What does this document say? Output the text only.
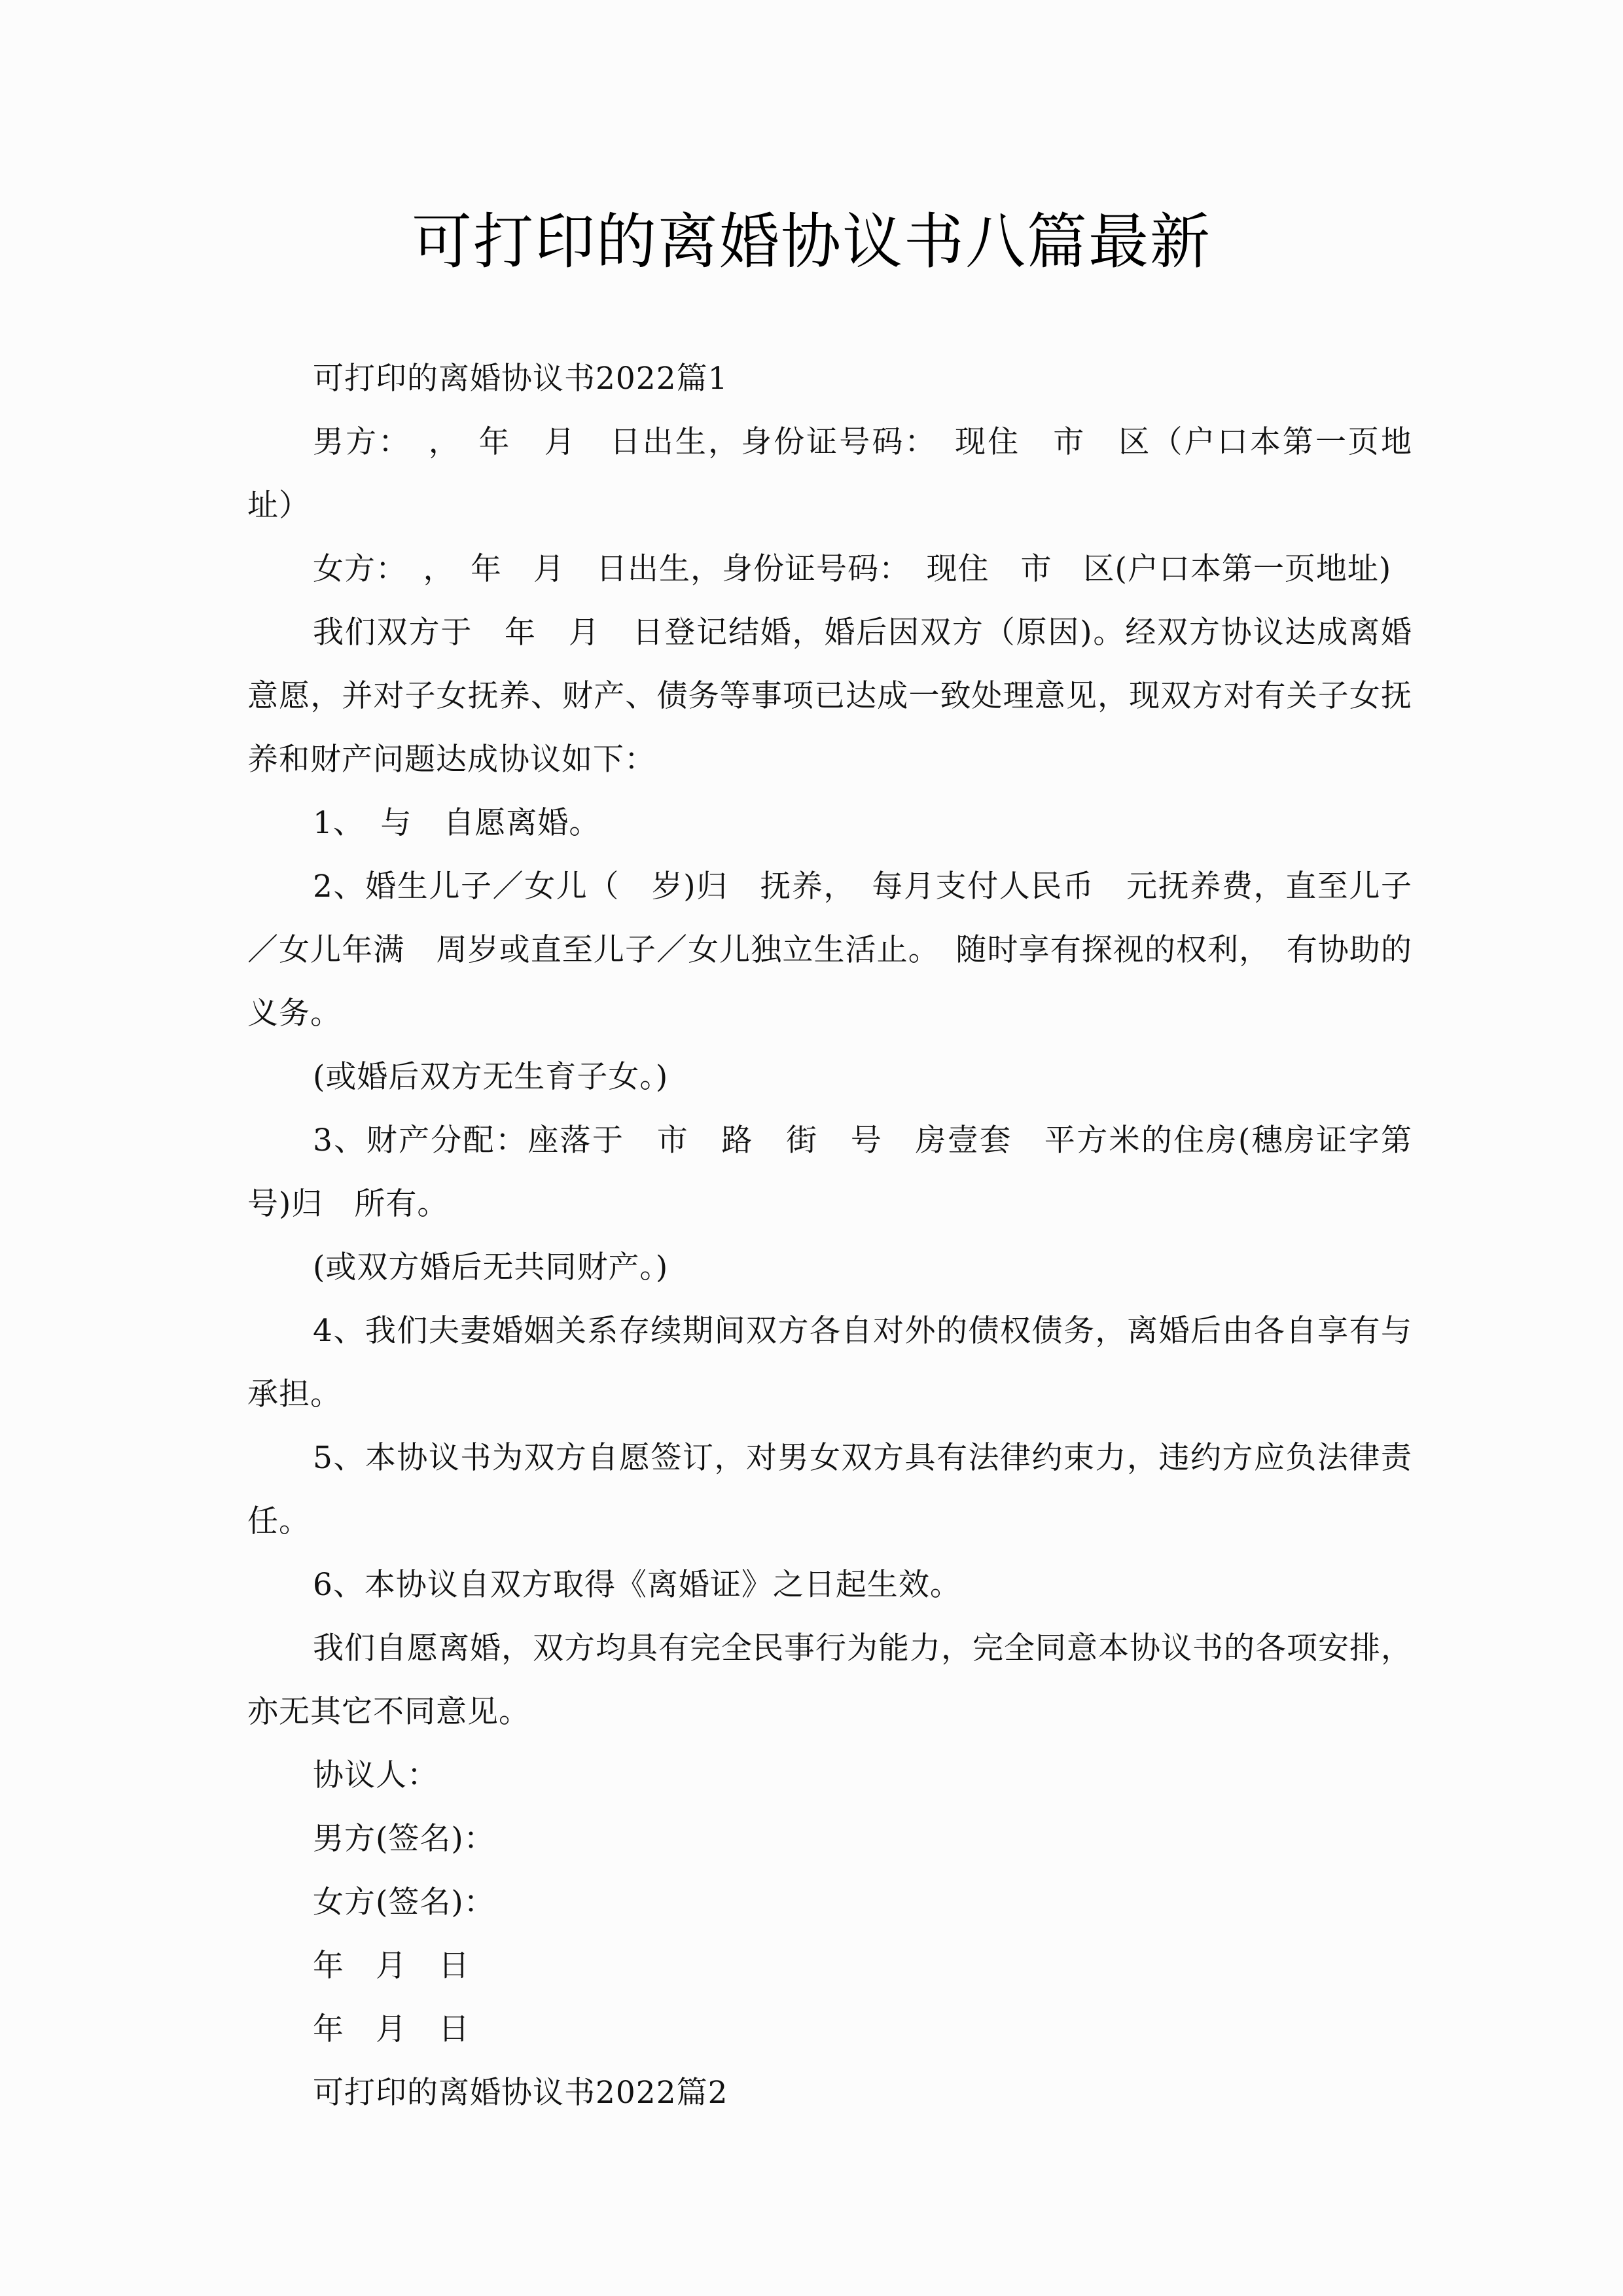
可打印的离婚协议书八篇最新

可打印的离婚协议书2022篇1

男方：　，　年　月　日出生，身份证号码：　现住　市　区（户口本第一页地址）

女方：　，　年　月　日出生，身份证号码：　现住　市　区(户口本第一页地址)

我们双方于　年　月　日登记结婚，婚后因双方（原因)。经双方协议达成离婚意愿，并对子女抚养、财产、债务等事项已达成一致处理意见，现双方对有关子女抚养和财产问题达成协议如下：

1、　与　自愿离婚。

2、婚生儿子／女儿（　岁)归　抚养，　每月支付人民币　元抚养费，直至儿子／女儿年满　周岁或直至儿子／女儿独立生活止。　随时享有探视的权利，　有协助的义务。

(或婚后双方无生育子女。)

3、财产分配：座落于　市　路　街　号　房壹套　平方米的住房(穗房证字第　号)归　所有。

(或双方婚后无共同财产。)

4、我们夫妻婚姻关系存续期间双方各自对外的债权债务，离婚后由各自享有与承担。

5、本协议书为双方自愿签订，对男女双方具有法律约束力，违约方应负法律责任。

6、本协议自双方取得《离婚证》之日起生效。

我们自愿离婚，双方均具有完全民事行为能力，完全同意本协议书的各项安排，亦无其它不同意见。

协议人：

男方(签名)：

女方(签名)：

年　月　日

年　月　日

可打印的离婚协议书2022篇2
